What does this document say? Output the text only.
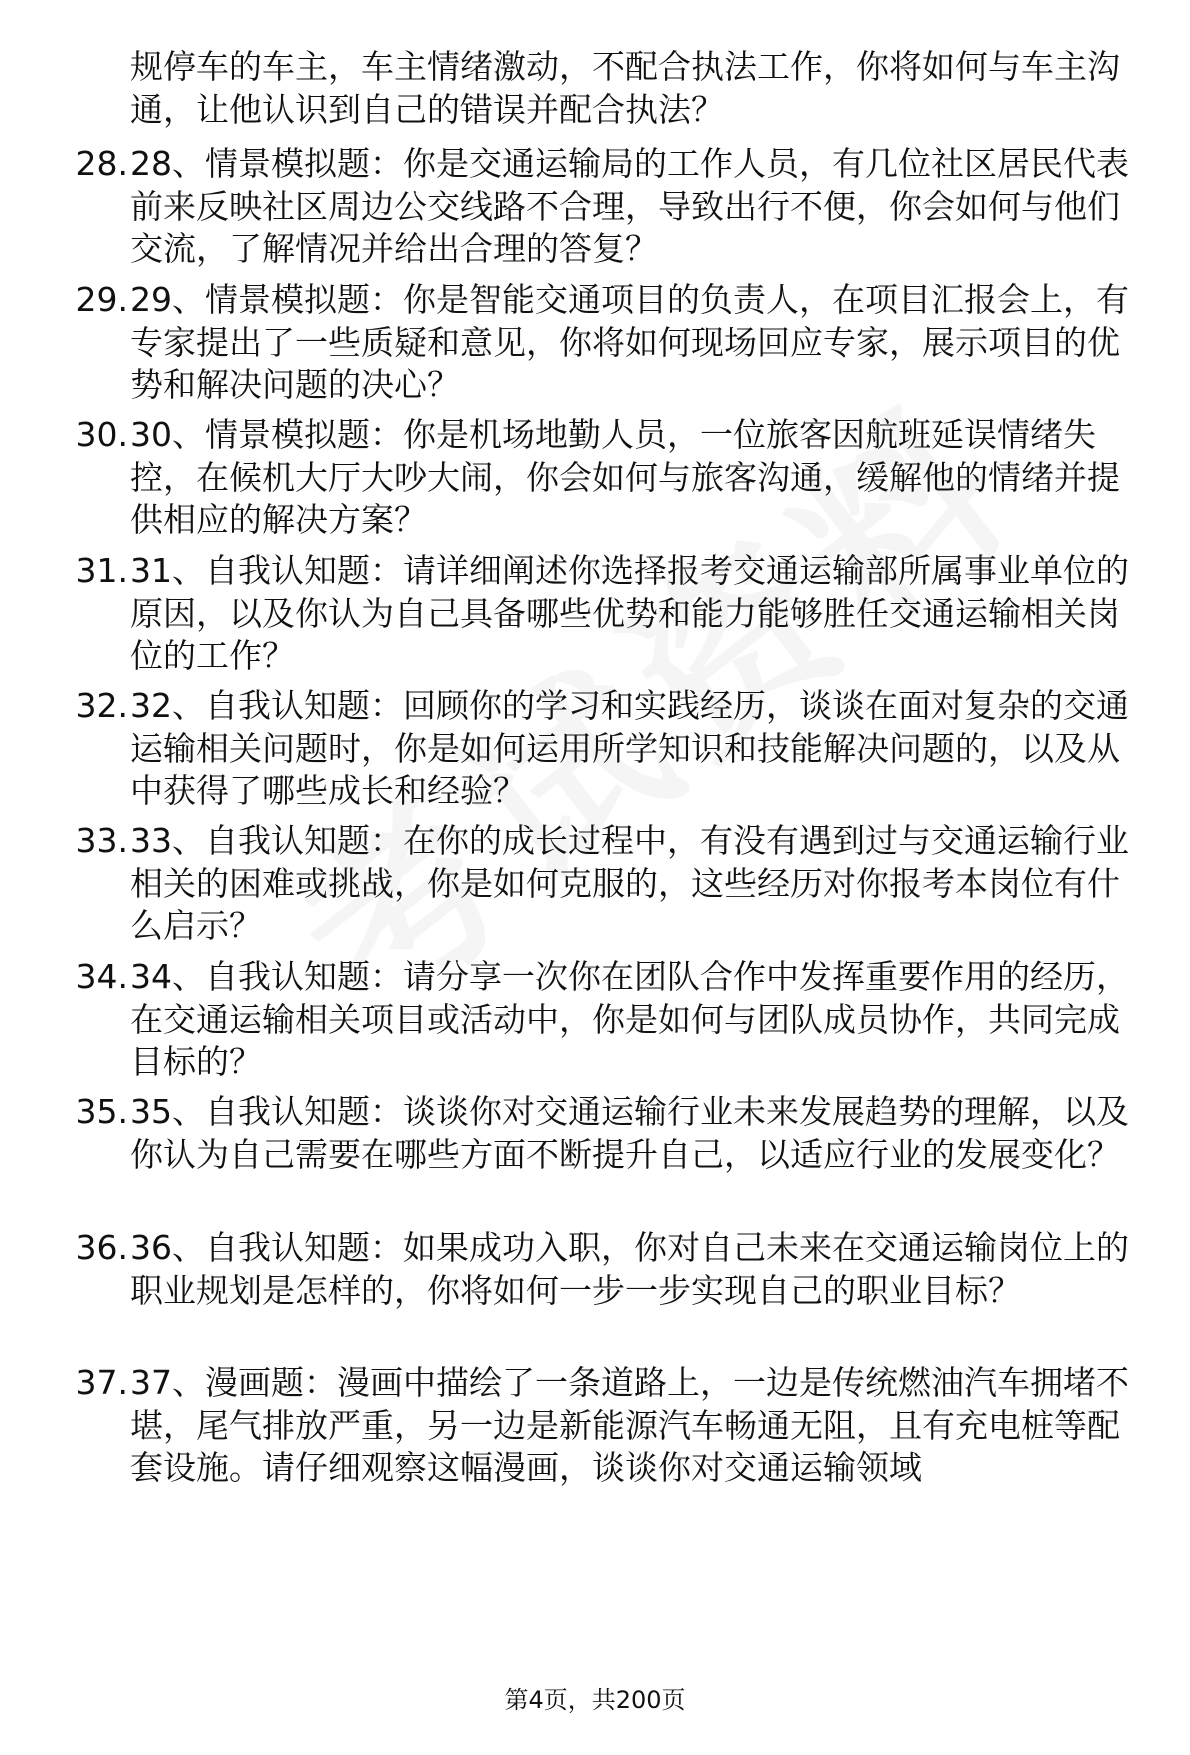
规停车的车主，车主情绪激动，不配合执法工作，你将如何与车主沟通，让他认识到自己的错误并配合执法？
28. 28、情景模拟题：你是交通运输局的工作人员，有几位社区居民代表前来反映社区周边公交线路不合理，导致出行不便，你会如何与他们交流，了解情况并给出合理的答复？
29. 29、情景模拟题：你是智能交通项目的负责人，在项目汇报会上，有专家提出了一些质疑和意见，你将如何现场回应专家，展示项目的优势和解决问题的决心？
30. 30、情景模拟题：你是机场地勤人员，一位旅客因航班延误情绪失控，在候机大厅大吵大闹，你会如何与旅客沟通，缓解他的情绪并提供相应的解决方案？
31. 31、自我认知题：请详细阐述你选择报考交通运输部所属事业单位的原因，以及你认为自己具备哪些优势和能力能够胜任交通运输相关岗位的工作？
32. 32、自我认知题：回顾你的学习和实践经历，谈谈在面对复杂的交通运输相关问题时，你是如何运用所学知识和技能解决问题的，以及从中获得了哪些成长和经验？
33. 33、自我认知题：在你的成长过程中，有没有遇到过与交通运输行业相关的困难或挑战，你是如何克服的，这些经历对你报考本岗位有什么启示？
34. 34、自我认知题：请分享一次你在团队合作中发挥重要作用的经历，在交通运输相关项目或活动中，你是如何与团队成员协作，共同完成目标的？
35. 35、自我认知题：谈谈你对交通运输行业未来发展趋势的理解，以及你认为自己需要在哪些方面不断提升自己，以适应行业的发展变化？
36. 36、自我认知题：如果成功入职，你对自己未来在交通运输岗位上的职业规划是怎样的，你将如何一步一步实现自己的职业目标？
37. 37、漫画题：漫画中描绘了一条道路上，一边是传统燃油汽车拥堵不堪，尾气排放严重，另一边是新能源汽车畅通无阻，且有充电桩等配套设施。请仔细观察这幅漫画，谈谈你对交通运输领域
第4页，共200页
